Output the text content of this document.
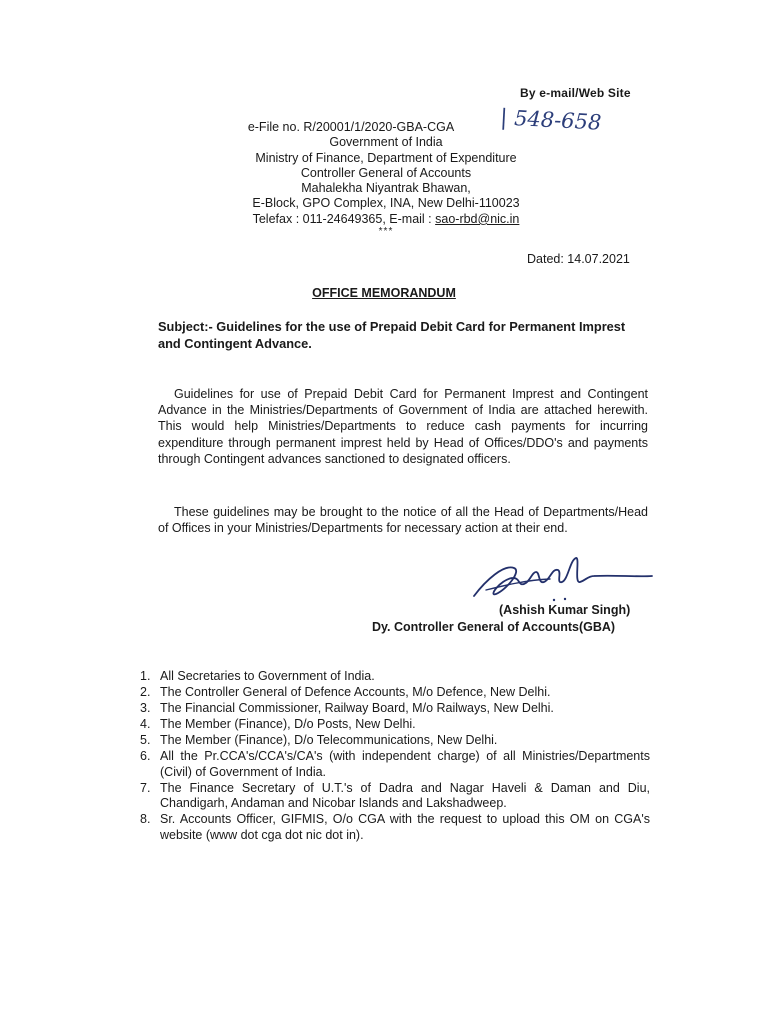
By e-mail/Web Site
e-File no. R/20001/1/2020-GBA-CGA
Government of India
Ministry of Finance, Department of Expenditure
Controller General of Accounts
Mahalekha Niyantrak Bhawan,
E-Block, GPO Complex, INA, New Delhi-110023
Telefax : 011-24649365, E-mail : sao-rbd@nic.in
***
| 548-658
Dated: 14.07.2021
OFFICE MEMORANDUM
Subject:- Guidelines for the use of Prepaid Debit Card for Permanent Imprest and Contingent Advance.
Guidelines for use of Prepaid Debit Card for Permanent Imprest and Contingent Advance in the Ministries/Departments of Government of India are attached herewith. This would help Ministries/Departments to reduce cash payments for incurring expenditure through permanent imprest held by Head of Offices/DDO's and payments through Contingent advances sanctioned to designated officers.
These guidelines may be brought to the notice of all the Head of Departments/Head of Offices in your Ministries/Departments for necessary action at their end.
(Ashish Kumar Singh)
Dy. Controller General of Accounts(GBA)
1. All Secretaries to Government of India.
2. The Controller General of Defence Accounts, M/o Defence, New Delhi.
3. The Financial Commissioner, Railway Board, M/o Railways, New Delhi.
4. The Member (Finance), D/o Posts, New Delhi.
5. The Member (Finance), D/o Telecommunications, New Delhi.
6. All the Pr.CCA's/CCA's/CA's (with independent charge) of all Ministries/Departments (Civil) of Government of India.
7. The Finance Secretary of U.T.'s of Dadra and Nagar Haveli & Daman and Diu, Chandigarh, Andaman and Nicobar Islands and Lakshadweep.
8. Sr. Accounts Officer, GIFMIS, O/o CGA with the request to upload this OM on CGA's website (www dot cga dot nic dot in).
